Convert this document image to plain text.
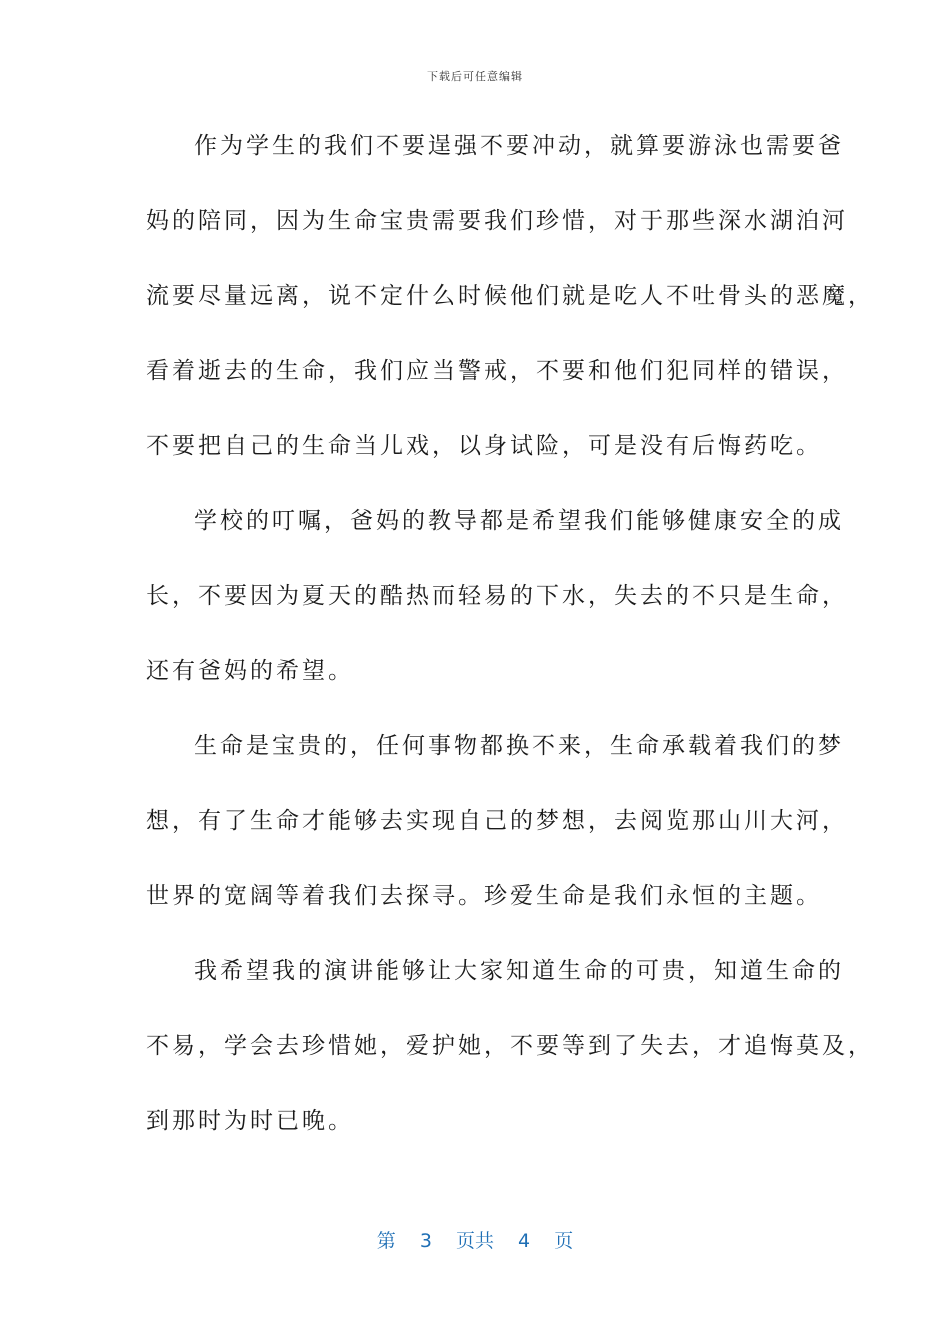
下载后可任意编辑
作为学生的我们不要逞强不要冲动，就算要游泳也需要爸
妈的陪同，因为生命宝贵需要我们珍惜，对于那些深水湖泊河
流要尽量远离，说不定什么时候他们就是吃人不吐骨头的恶魔，
看着逝去的生命，我们应当警戒，不要和他们犯同样的错误，
不要把自己的生命当儿戏，以身试险，可是没有后悔药吃。
学校的叮嘱，爸妈的教导都是希望我们能够健康安全的成
长，不要因为夏天的酷热而轻易的下水，失去的不只是生命，
还有爸妈的希望。
生命是宝贵的，任何事物都换不来，生命承载着我们的梦
想，有了生命才能够去实现自己的梦想，去阅览那山川大河，
世界的宽阔等着我们去探寻。珍爱生命是我们永恒的主题。
我希望我的演讲能够让大家知道生命的可贵，知道生命的
不易，学会去珍惜她，爱护她，不要等到了失去，才追悔莫及，
到那时为时已晚。
第 3 页共 4 页
